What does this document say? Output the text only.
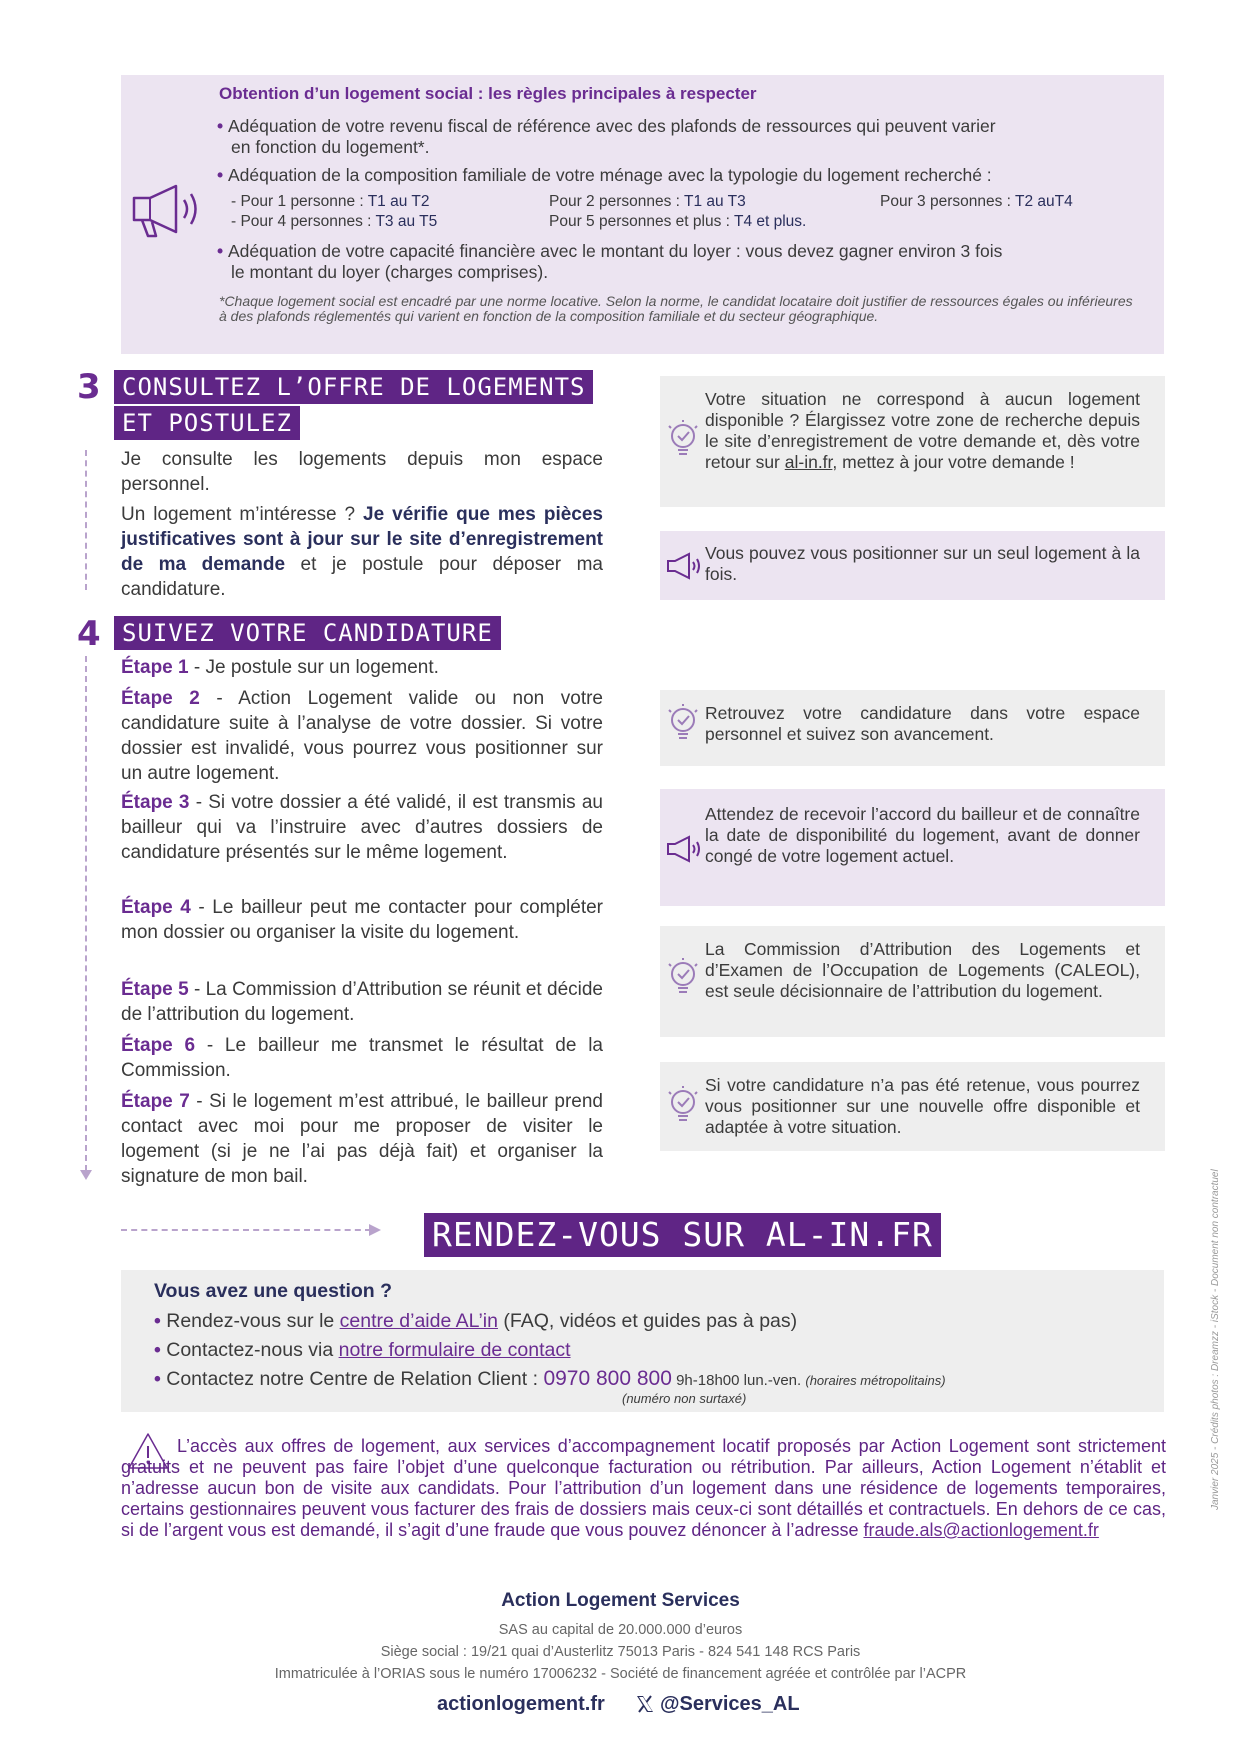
Obtention d’un logement social : les règles principales à respecter
• Adéquation de votre revenu fiscal de référence avec des plafonds de ressources qui peuvent varier
en fonction du logement*.
• Adéquation de la composition familiale de votre ménage avec la typologie du logement recherché :
- Pour 1 personne : T1 au T2	Pour 2 personnes : T1 au T3	Pour 3 personnes : T2 auT4
- Pour 4 personnes : T3 au T5	Pour 5 personnes et plus : T4 et plus.
• Adéquation de votre capacité financière avec le montant du loyer : vous devez gagner environ 3 fois
le montant du loyer (charges comprises).
*Chaque logement social est encadré par une norme locative. Selon la norme, le candidat locataire doit justifier de ressources égales ou inférieures à des plafonds réglementés qui varient en fonction de la composition familiale et du secteur géographique.
3 CONSULTEZ L’OFFRE DE LOGEMENTS
ET POSTULEZ
Je consulte les logements depuis mon espace personnel.
Un logement m’intéresse ? Je vérifie que mes pièces justificatives sont à jour sur le site d’enregistrement de ma demande et je postule pour déposer ma candidature.
4 SUIVEZ VOTRE CANDIDATURE
Étape 1 - Je postule sur un logement.
Étape 2 - Action Logement valide ou non votre candidature suite à l’analyse de votre dossier. Si votre dossier est invalidé, vous pourrez vous positionner sur un autre logement.
Étape 3 - Si votre dossier a été validé, il est transmis au bailleur qui va l’instruire avec d’autres dossiers de candidature présentés sur le même logement.
Étape 4 - Le bailleur peut me contacter pour compléter mon dossier ou organiser la visite du logement.
Étape 5 - La Commission d’Attribution se réunit et décide de l’attribution du logement.
Étape 6 - Le bailleur me transmet le résultat de la Commission.
Étape 7 - Si le logement m’est attribué, le bailleur prend contact avec moi pour me proposer de visiter le logement (si je ne l’ai pas déjà fait) et organiser la signature de mon bail.
Votre situation ne correspond à aucun logement disponible ? Élargissez votre zone de recherche depuis le site d’enregistrement de votre demande et, dès votre retour sur al-in.fr, mettez à jour votre demande !
Vous pouvez vous positionner sur un seul logement à la fois.
Retrouvez votre candidature dans votre espace personnel et suivez son avancement.
Attendez de recevoir l’accord du bailleur et de connaître la date de disponibilité du logement, avant de donner congé de votre logement actuel.
La Commission d’Attribution des Logements et d’Examen de l’Occupation de Logements (CALEOL), est seule décisionnaire de l’attribution du logement.
Si votre candidature n’a pas été retenue, vous pourrez vous positionner sur une nouvelle offre disponible et adaptée à votre situation.
RENDEZ-VOUS SUR AL-IN.FR
Vous avez une question ?
• Rendez-vous sur le centre d’aide AL’in (FAQ, vidéos et guides pas à pas)
• Contactez-nous via notre formulaire de contact
• Contactez notre Centre de Relation Client : 0970 800 800 9h-18h00 lun.-ven. (horaires métropolitains)
(numéro non surtaxé)
L’accès aux offres de logement, aux services d’accompagnement locatif proposés par Action Logement sont strictement gratuits et ne peuvent pas faire l’objet d’une quelconque facturation ou rétribution. Par ailleurs, Action Logement n’établit et n’adresse aucun bon de visite aux candidats. Pour l’attribution d’un logement dans une résidence de logements temporaires, certains gestionnaires peuvent vous facturer des frais de dossiers mais ceux-ci sont détaillés et contractuels. En dehors de ce cas, si de l’argent vous est demandé, il s’agit d’une fraude que vous pouvez dénoncer à l’adresse fraude.als@actionlogement.fr
Action Logement Services
SAS au capital de 20.000.000 d’euros
Siège social : 19/21 quai d’Austerlitz 75013 Paris - 824 541 148 RCS Paris
Immatriculée à l’ORIAS sous le numéro 17006232 - Société de financement agréée et contrôlée par l’ACPR
actionlogement.fr	@Services_AL
Janvier 2025 - Crédits photos : Dreamzz - iStock - Document non contractuel
